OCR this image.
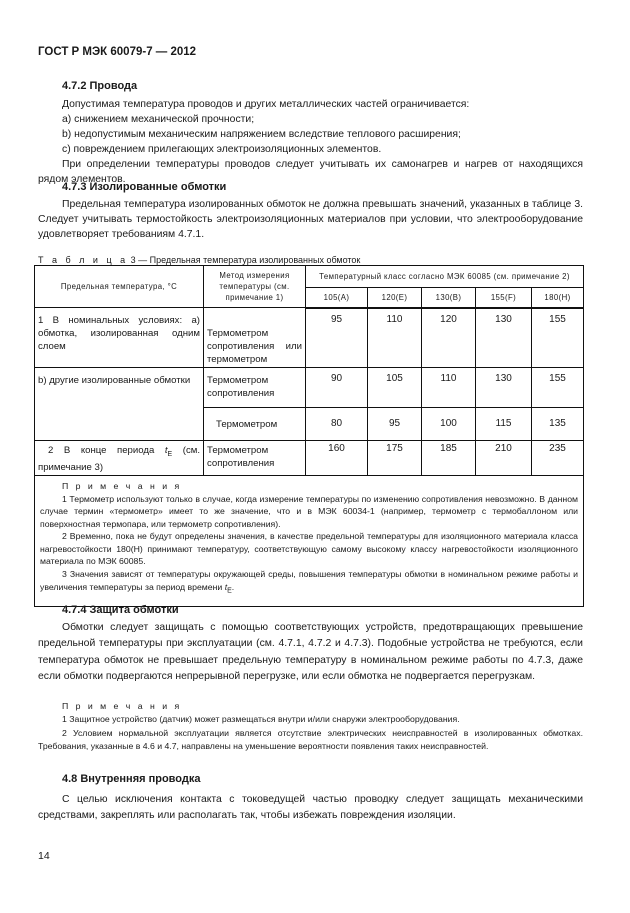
ГОСТ Р МЭК 60079-7 — 2012
4.7.2 Провода
Допустимая температура проводов и других металлических частей ограничивается:
а) снижением механической прочности;
b) недопустимым механическим напряжением вследствие теплового расширения;
с) повреждением прилегающих электроизоляционных элементов.
При определении температуры проводов следует учитывать их самонагрев и нагрев от находящихся рядом элементов.
4.7.3 Изолированные обмотки
Предельная температура изолированных обмоток не должна превышать значений, указанных в таблице 3. Следует учитывать термостойкость электроизоляционных материалов при условии, что электрооборудование удовлетворяет требованиям 4.7.1.
Т а б л и ц а 3 — Предельная температура изолированных обмоток
Предельная температура, °С	Метод измерения температуры (см. примечание 1)	Температурный класс согласно МЭК 60085 (см. примечание 2)				
		105(А)	120(Е)	130(В)	155(F)	180(H)
1 В номинальных условиях: а) обмотка, изолированная одним слоем	Термометром сопротивления или термометром	95	110	120	130	155
b) другие изолированные обмотки	Термометром сопротивления	90	105	110	130	155
	Термометром	80	95	100	115	135
2 В конце периода $t_E$ (см. примечание 3)	Термометром сопротивления	160	175	185	210	235

П р и м е ч а н и я
1 Термометр используют только в случае, когда измерение температуры по изменению сопротивления невозможно. В данном случае термин «термометр» имеет то же значение, что и в МЭК 60034-1 (например, термометр с термобаллоном или поверхностная термопара, или термометр сопротивления).
2 Временно, пока не будут определены значения, в качестве предельной температуры для изоляционного материала класса нагревостойкости 180(H) принимают температуру, соответствующую самому высокому классу нагревостойкости изоляционного материала по МЭК 60085.
3 Значения зависят от температуры окружающей среды, повышения температуры обмотки в номинальном режиме работы и увеличения температуры за период времени $t_E$.						
4.7.4 Защита обмотки
Обмотки следует защищать с помощью соответствующих устройств, предотвращающих превышение предельной температуры при эксплуатации (см. 4.7.1, 4.7.2 и 4.7.3). Подобные устройства не требуются, если температура обмоток не превышает предельную температуру в номинальном режиме работы по 4.7.3, даже если обмотки подвергаются непрерывной перегрузке, или если обмотка не подвергается перегрузкам.
П р и м е ч а н и я
1 Защитное устройство (датчик) может размещаться внутри и/или снаружи электрооборудования.
2 Условием нормальной эксплуатации является отсутствие электрических неисправностей в изолированных обмотках. Требования, указанные в 4.6 и 4.7, направлены на уменьшение вероятности появления таких неисправностей.
4.8 Внутренняя проводка
С целью исключения контакта с токоведущей частью проводку следует защищать механическими средствами, закреплять или располагать так, чтобы избежать повреждения изоляции.
14
